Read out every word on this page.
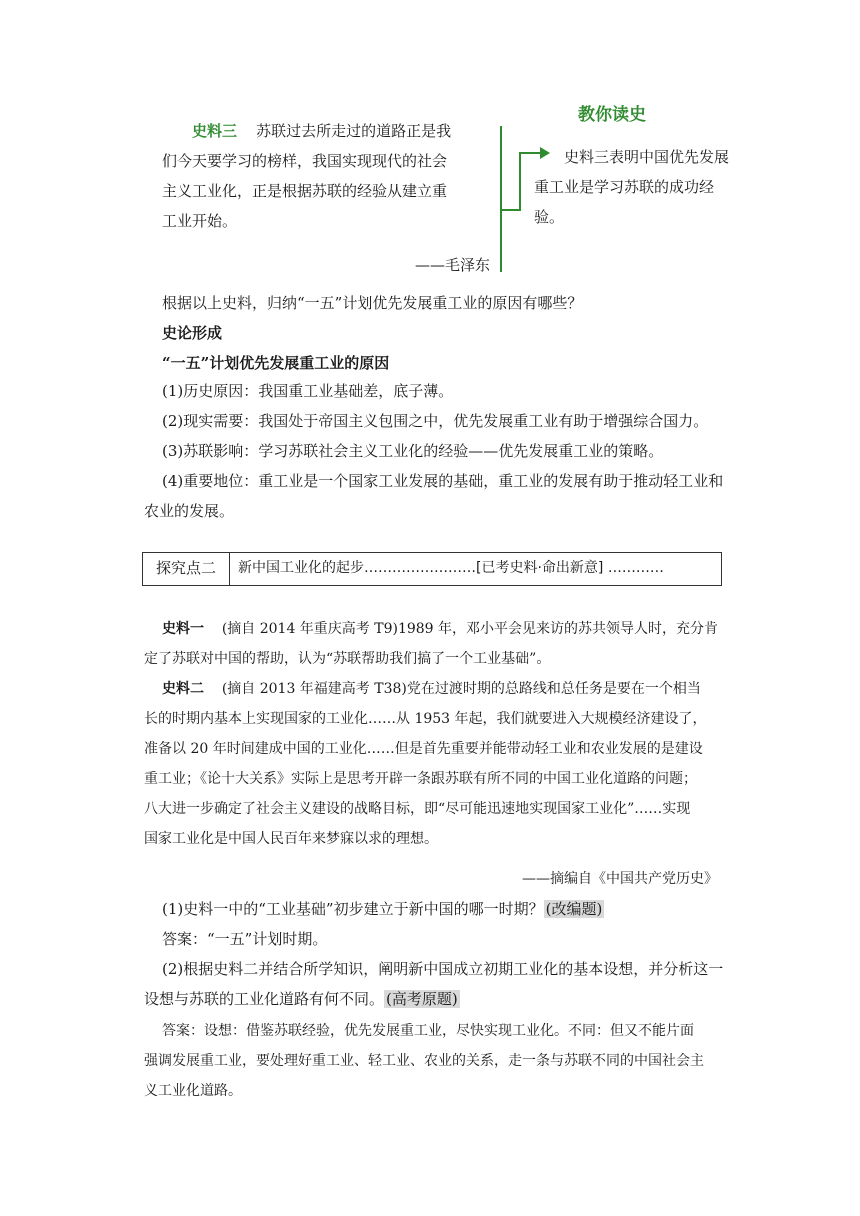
教你读史
史料三 苏联过去所走过的道路正是我
们今天要学习的榜样，我国实现现代的社会
主义工业化，正是根据苏联的经验从建立重
工业开始。
——毛泽东
史料三表明中国优先发展
重工业是学习苏联的成功经
验。
根据以上史料，归纳“一五”计划优先发展重工业的原因有哪些？
史论形成
“一五”计划优先发展重工业的原因
(1)历史原因：我国重工业基础差，底子薄。
(2)现实需要：我国处于帝国主义包围之中，优先发展重工业有助于增强综合国力。
(3)苏联影响：学习苏联社会主义工业化的经验——优先发展重工业的策略。
(4)重要地位：重工业是一个国家工业发展的基础，重工业的发展有助于推动轻工业和
农业的发展。
探究点二	新中国工业化的起步……………………[已考史料·命出新意] …………
史料一 (摘自 2014 年重庆高考 T9)1989 年，邓小平会见来访的苏共领导人时，充分肯
定了苏联对中国的帮助，认为“苏联帮助我们搞了一个工业基础”。
史料二 (摘自 2013 年福建高考 T38)党在过渡时期的总路线和总任务是要在一个相当
长的时期内基本上实现国家的工业化……从 1953 年起，我们就要进入大规模经济建设了，
准备以 20 年时间建成中国的工业化……但是首先重要并能带动轻工业和农业发展的是建设
重工业；《论十大关系》实际上是思考开辟一条跟苏联有所不同的中国工业化道路的问题；
八大进一步确定了社会主义建设的战略目标，即“尽可能迅速地实现国家工业化”……实现
国家工业化是中国人民百年来梦寐以求的理想。
——摘编自《中国共产党历史》
(1)史料一中的“工业基础”初步建立于新中国的哪一时期？ (改编题)
答案：“一五”计划时期。
(2)根据史料二并结合所学知识，阐明新中国成立初期工业化的基本设想，并分析这一
设想与苏联的工业化道路有何不同。 (高考原题)
答案：设想：借鉴苏联经验，优先发展重工业，尽快实现工业化。不同：但又不能片面
强调发展重工业，要处理好重工业、轻工业、农业的关系，走一条与苏联不同的中国社会主
义工业化道路。
